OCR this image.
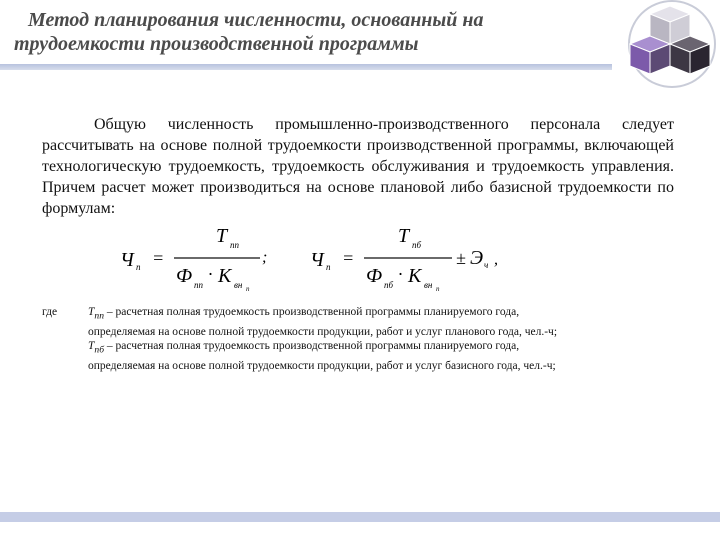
Метод планирования численности, основанный на
трудоемкости производственной программы

Общую численность промышленно-производственного персонала следует рассчитывать на основе полной трудоемкости производственной программы, включающей технологическую трудоемкость, трудоемкость обслуживания и трудоемкость управления. Причем расчет может производиться на основе плановой либо базисной трудоемкости по формулам:

Ч п =
Т пп
Ф пп
· К вн п
; Ч п =
Т пб
Ф пб
· К вн п
± Э ч ,
где	$Т_{пп}$ – расчетная полная трудоемкость производственной программы планируемого года,
определяемая на основе полной трудоемкости продукции, работ и услуг планового года, чел.-ч;
$Т_{пб}$ – расчетная полная трудоемкость производственной программы планируемого года,
определяемая на основе полной трудоемкости продукции, работ и услуг базисного года, чел.-ч;
